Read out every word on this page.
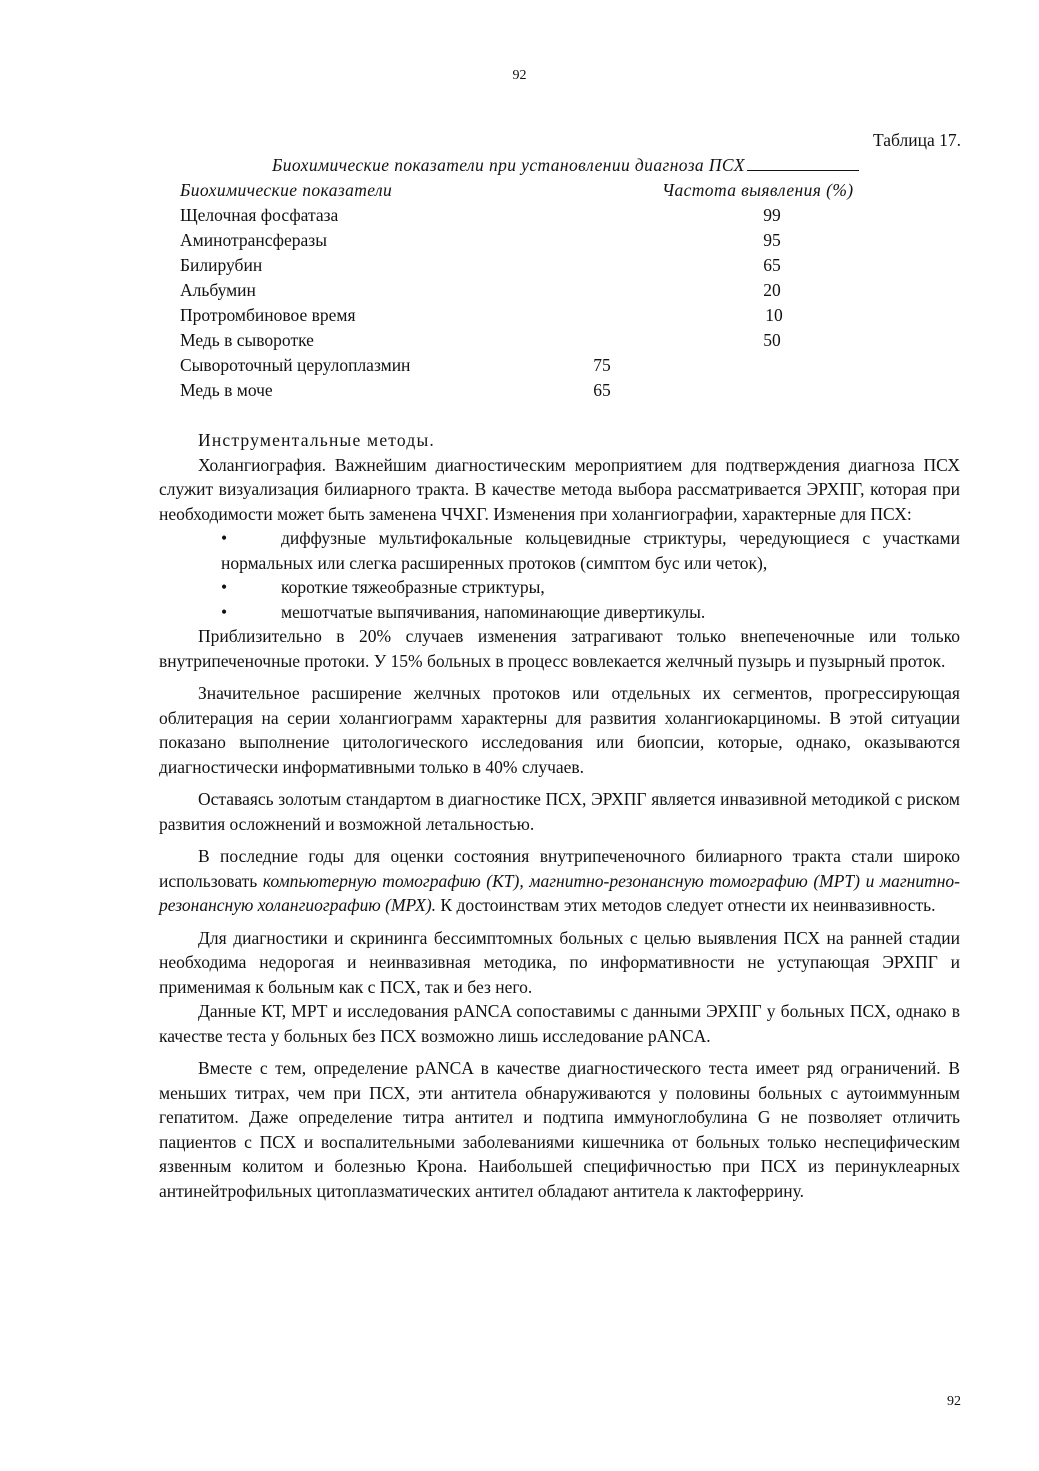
92
Таблица 17.
Биохимические показатели при установлении диагноза ПСХ
Биохимические показатели	Частота выявления (%)
Щелочная фосфатаза	99
Аминотрансферазы	95
Билирубин	65
Альбумин	20
Протромбиновое время	10
Медь в сыворотке	50
Сывороточный церулоплазмин	75
Медь в моче	65

Инструментальные методы.

Холангиография. Важнейшим диагностическим мероприятием для подтверждения диагноза ПСХ служит визуализация билиарного тракта. В качестве метода выбора рассматривается ЭРХПГ, которая при необходимости может быть заменена ЧЧХГ. Изменения при холангиографии, характерные для ПСХ:

•	диффузные мультифокальные кольцевидные стриктуры, чередующиеся с участками нормальных или слегка расширенных протоков (симптом бус или четок),
•	короткие тяжеобразные стриктуры,
•	мешотчатые выпячивания, напоминающие дивертикулы.

Приблизительно в 20% случаев изменения затрагивают только внепеченочные или только внутрипеченочные протоки. У 15% больных в процесс вовлекается желчный пузырь и пузырный проток.

Значительное расширение желчных протоков или отдельных их сегментов, прогрессирующая облитерация на серии холангиограмм характерны для развития холангиокарциномы. В этой ситуации показано выполнение цитологического исследования или биопсии, которые, однако, оказываются диагностически информативными только в 40% случаев.

Оставаясь золотым стандартом в диагностике ПСХ, ЭРХПГ является инвазивной методикой с риском развития осложнений и возможной летальностью.

В последние годы для оценки состояния внутрипеченочного билиарного тракта стали широко использовать компьютерную томографию (КТ), магнитно-резонансную томографию (МРТ) и магнитно-резонансную холангиографию (МРХ). К достоинствам этих методов следует отнести их неинвазивность.

Для диагностики и скрининга бессимптомных больных с целью выявления ПСХ на ранней стадии необходима недорогая и неинвазивная методика, по информативности не уступающая ЭРХПГ и применимая к больным как с ПСХ, так и без него.

Данные КТ, МРТ и исследования pANCA сопоставимы с данными ЭРХПГ у больных ПСХ, однако в качестве теста у больных без ПСХ возможно лишь исследование pANCA.

Вместе с тем, определение pANCA в качестве диагностического теста имеет ряд ограничений. В меньших титрах, чем при ПСХ, эти антитела обнаруживаются у половины больных с аутоиммунным гепатитом. Даже определение титра антител и подтипа иммуноглобулина G не позволяет отличить пациентов с ПСХ и воспалительными заболеваниями кишечника от больных только неспецифическим язвенным колитом и болезнью Крона. Наибольшей специфичностью при ПСХ из перинуклеарных антинейтрофильных цитоплазматических антител обладают антитела к лактоферрину.

92
